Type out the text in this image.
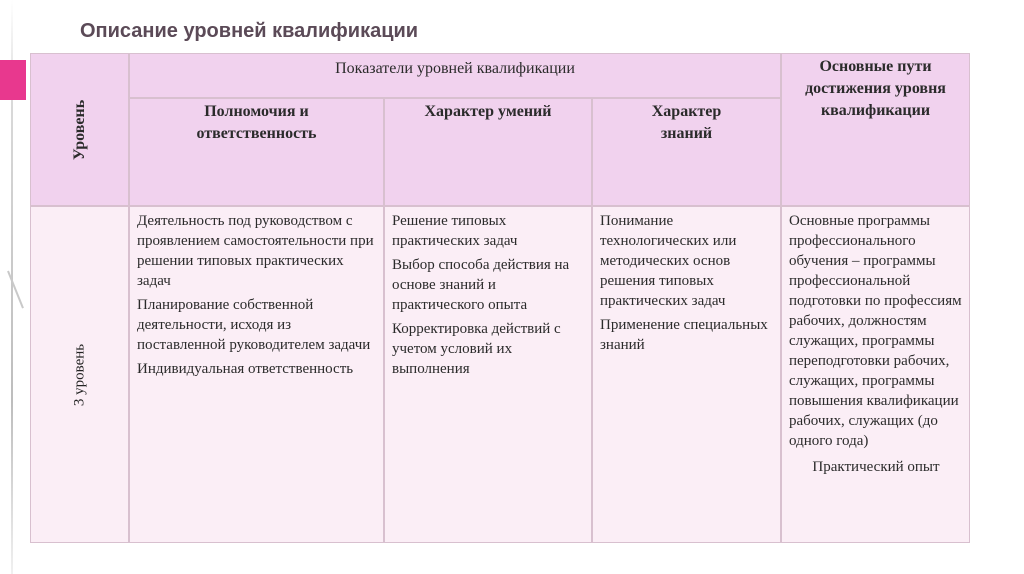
Описание уровней квалификации
Уровень
Показатели уровней квалификации	Основные пути достижения уровня квалификации
Полномочия и ответственность
Характер умений	Характер знаний
3 уровень

Деятельность под руководством с проявлением самостоятельности при решении типовых практических задач

Планирование собственной деятельности, исходя из поставленной руководителем задачи

Индивидуальная ответственность

Решение типовых практических задач

Выбор способа действия на основе знаний и практического опыта

Корректировка действий с учетом условий их выполнения

Понимание технологических или методических основ решения типовых практических задач

Применение специальных знаний

Основные программы профессионального обучения – программы профессиональной подготовки по профессиям рабочих, должностям служащих, программы переподготовки рабочих, служащих, программы повышения квалификации рабочих, служащих (до одного года)

Практический опыт
